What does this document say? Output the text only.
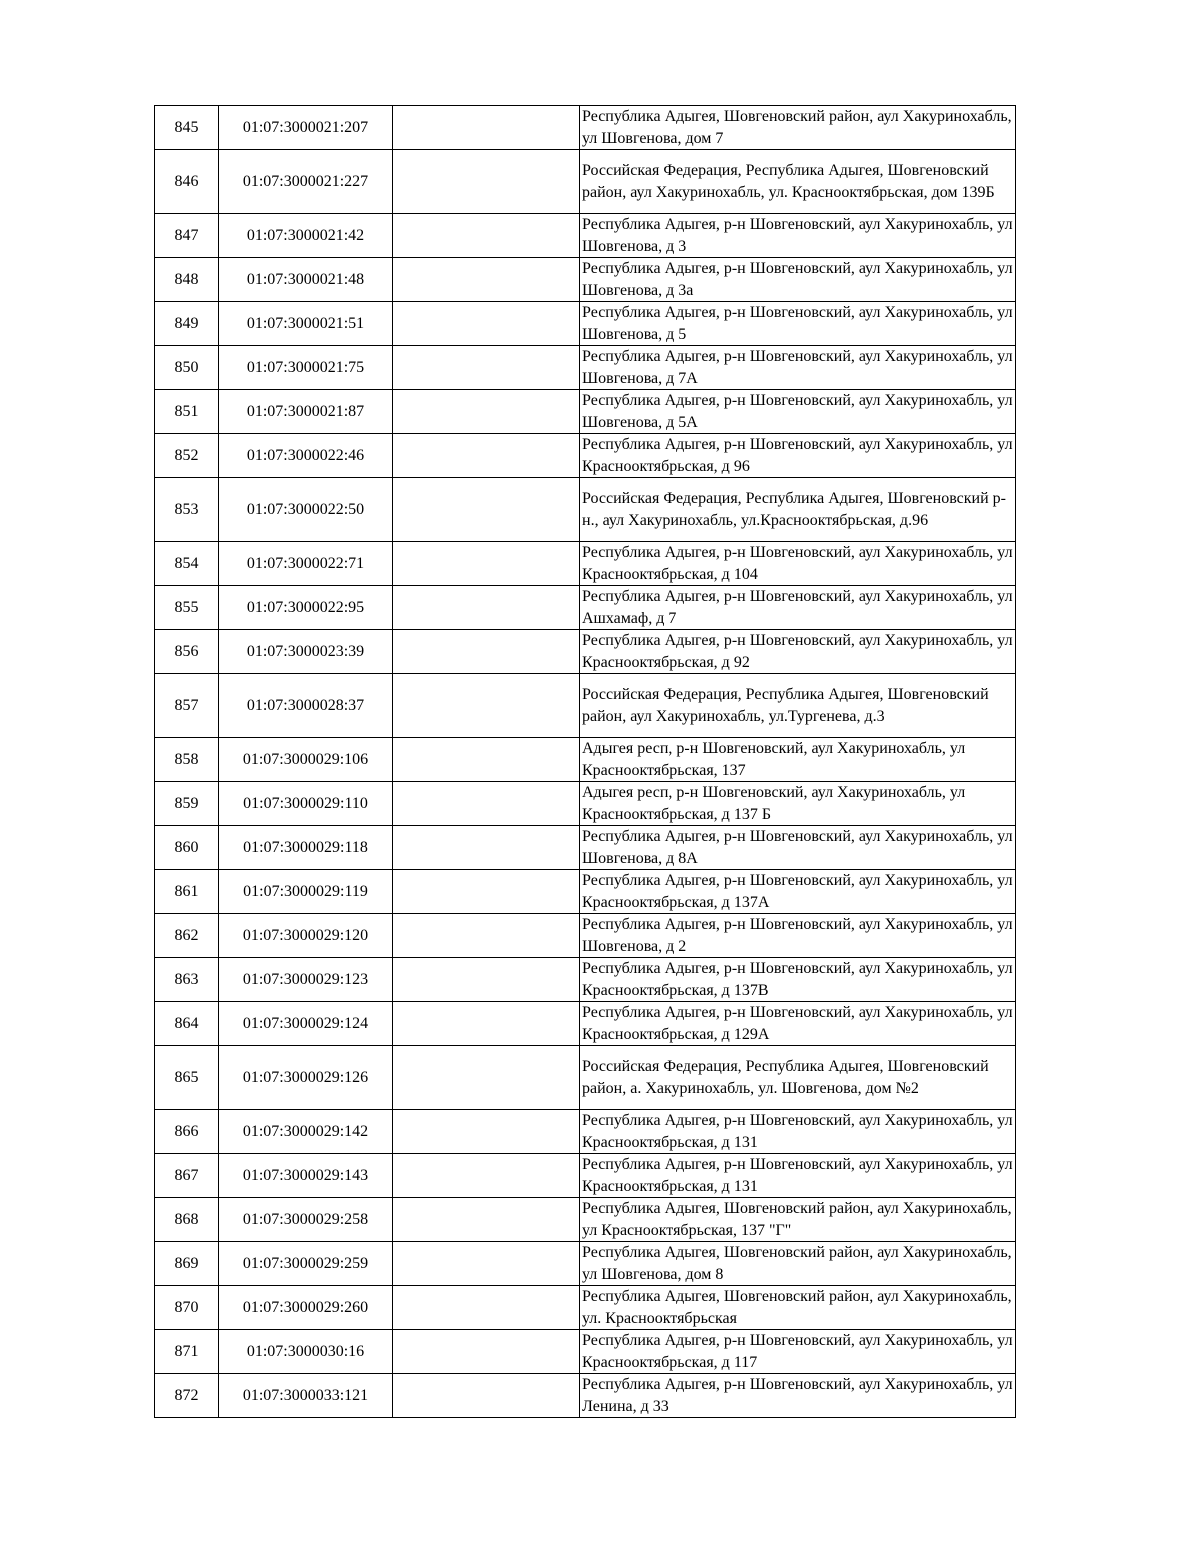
845	01:07:3000021:207		Республика Адыгея, Шовгеновский район, аул Хакуринохабль, ул Шовгенова, дом 7
846	01:07:3000021:227		Российская Федерация, Республика Адыгея, Шовгеновский район, аул Хакуринохабль, ул. Краснооктябрьская, дом 139Б
847	01:07:3000021:42		Республика Адыгея, р-н Шовгеновский, аул Хакуринохабль, ул Шовгенова, д 3
848	01:07:3000021:48		Республика Адыгея, р-н Шовгеновский, аул Хакуринохабль, ул Шовгенова, д 3а
849	01:07:3000021:51		Республика Адыгея, р-н Шовгеновский, аул Хакуринохабль, ул Шовгенова, д 5
850	01:07:3000021:75		Республика Адыгея, р-н Шовгеновский, аул Хакуринохабль, ул Шовгенова, д 7А
851	01:07:3000021:87		Республика Адыгея, р-н Шовгеновский, аул Хакуринохабль, ул Шовгенова, д 5А
852	01:07:3000022:46		Республика Адыгея, р-н Шовгеновский, аул Хакуринохабль, ул Краснооктябрьская, д 96
853	01:07:3000022:50		Российская Федерация, Республика Адыгея, Шовгеновский р-н., аул Хакуринохабль, ул.Краснооктябрьская, д.96
854	01:07:3000022:71		Республика Адыгея, р-н Шовгеновский, аул Хакуринохабль, ул Краснооктябрьская, д 104
855	01:07:3000022:95		Республика Адыгея, р-н Шовгеновский, аул Хакуринохабль, ул Ашхамаф, д 7
856	01:07:3000023:39		Республика Адыгея, р-н Шовгеновский, аул Хакуринохабль, ул Краснооктябрьская, д 92
857	01:07:3000028:37		Российская Федерация, Республика Адыгея, Шовгеновский район, аул Хакуринохабль, ул.Тургенева, д.3
858	01:07:3000029:106		Адыгея респ, р-н Шовгеновский, аул Хакуринохабль, ул Краснооктябрьская, 137
859	01:07:3000029:110		Адыгея респ, р-н Шовгеновский, аул Хакуринохабль, ул Краснооктябрьская, д 137 Б
860	01:07:3000029:118		Республика Адыгея, р-н Шовгеновский, аул Хакуринохабль, ул Шовгенова, д 8А
861	01:07:3000029:119		Республика Адыгея, р-н Шовгеновский, аул Хакуринохабль, ул Краснооктябрьская, д 137А
862	01:07:3000029:120		Республика Адыгея, р-н Шовгеновский, аул Хакуринохабль, ул Шовгенова, д 2
863	01:07:3000029:123		Республика Адыгея, р-н Шовгеновский, аул Хакуринохабль, ул Краснооктябрьская, д 137В
864	01:07:3000029:124		Республика Адыгея, р-н Шовгеновский, аул Хакуринохабль, ул Краснооктябрьская, д 129А
865	01:07:3000029:126		Российская Федерация, Республика Адыгея, Шовгеновский район, а. Хакуринохабль, ул. Шовгенова, дом №2
866	01:07:3000029:142		Республика Адыгея, р-н Шовгеновский, аул Хакуринохабль, ул Краснооктябрьская, д 131
867	01:07:3000029:143		Республика Адыгея, р-н Шовгеновский, аул Хакуринохабль, ул Краснооктябрьская, д 131
868	01:07:3000029:258		Республика Адыгея, Шовгеновский район, аул Хакуринохабль, ул Краснооктябрьская, 137 "Г"
869	01:07:3000029:259		Республика Адыгея, Шовгеновский район, аул Хакуринохабль, ул Шовгенова, дом 8
870	01:07:3000029:260		Республика Адыгея, Шовгеновский район, аул Хакуринохабль, ул. Краснооктябрьская
871	01:07:3000030:16		Республика Адыгея, р-н Шовгеновский, аул Хакуринохабль, ул Краснооктябрьская, д 117
872	01:07:3000033:121		Республика Адыгея, р-н Шовгеновский, аул Хакуринохабль, ул Ленина, д 33
